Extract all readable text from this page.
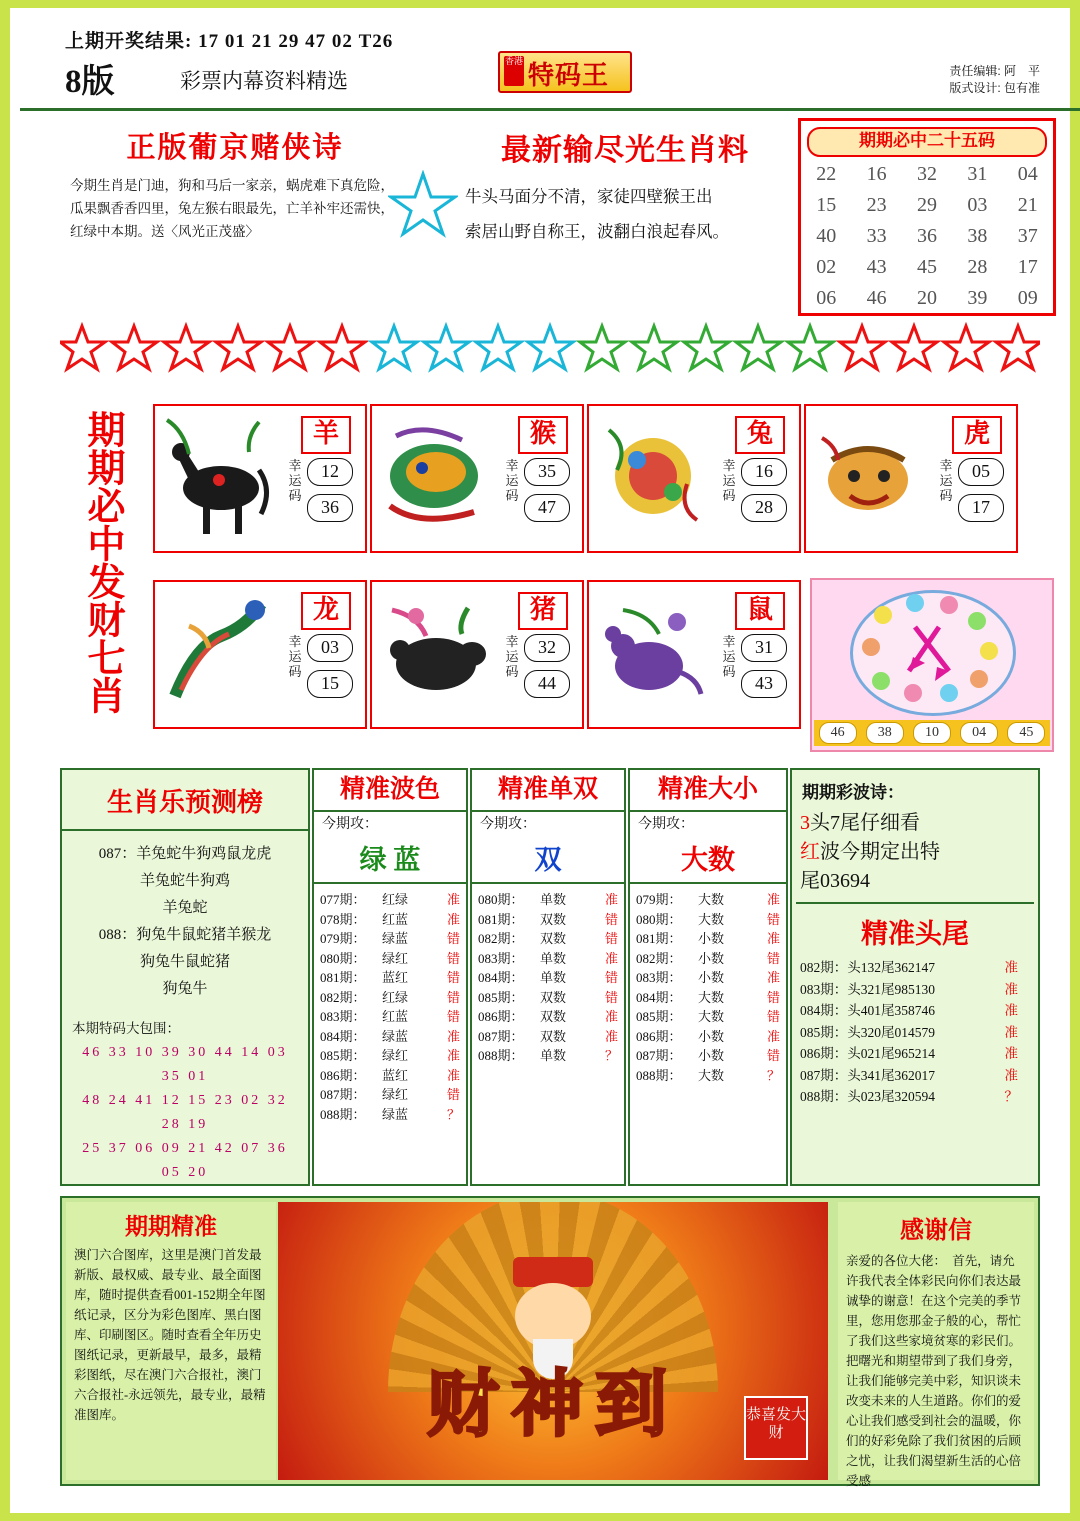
上期开奖结果: 17 01 21 29 47 02 T26
8版	彩票内幕资料精选
香港 特码王	责任编辑: 阿　平
版式设计: 包有准
正版葡京赌侠诗

今期生肖是门迪，狗和马后一家亲，蜗虎难下真危险，瓜果飘香香四里，兔左猴右眼最先，亡羊补牢还需快，红绿中本期。送〈风光正茂盛〉

最新输尽光生肖料

牛头马面分不清，家徒四壁猴王出

索居山野自称王，波翻白浪起春风。

期期必中二十五码
22	16	32	31	04
15	23	29	03	21
40	33	36	38	37
02	43	45	28	17
06	46	20	39	09
期期必中发财七肖	羊
幸运码
12
36
猴
幸运码
35
47
兔
幸运码
16
28
虎
幸运码
05
17
龙
幸运码
03
15
猪
幸运码
32
44
鼠
幸运码
31
43
46	38	10	04	45
生肖乐预测榜
087：羊兔蛇牛狗鸡鼠龙虎
羊兔蛇牛狗鸡
羊兔蛇
088：狗兔牛鼠蛇猪羊猴龙
狗兔牛鼠蛇猪
狗兔牛
本期特码大包围：
46 33 10 39 30 44 14 03 35 01
48 24 41 12 15 23 02 32 28 19
25 37 06 09 21 42 07 36 05 20
精准波色
今期攻：
绿 蓝
077期：	红绿	准
078期：	红蓝	准
079期：	绿蓝	错
080期：	绿红	错
081期：	蓝红	错
082期：	红绿	错
083期：	红蓝	错
084期：	绿蓝	准
085期：	绿红	准
086期：	蓝红	准
087期：	绿红	错
088期：	绿蓝	？
精准单双
今期攻：
双
080期：	单数	准
081期：	双数	错
082期：	双数	错
083期：	单数	准
084期：	单数	错
085期：	双数	错
086期：	双数	准
087期：	双数	准
088期：	单数	？
精准大小
今期攻：
大数
079期：	大数	准
080期：	大数	错
081期：	小数	准
082期：	小数	错
083期：	小数	准
084期：	大数	错
085期：	大数	错
086期：	小数	准
087期：	小数	错
088期：	大数	？
期期彩波诗：
3头7尾仔细看
红波今期定出特
尾03694
精准头尾
082期：头132尾362147	准
083期：头321尾985130	准
084期：头401尾358746	准
085期：头320尾014579	准
086期：头021尾965214	准
087期：头341尾362017	准
088期：头023尾320594	？
期期精准

澳门六合图库，这里是澳门首发最新版、最权威、最专业、最全面图库，随时提供查看001-152期全年图纸记录，区分为彩色图库、黑白图库、印刷图区。随时查看全年历史图纸记录，更新最早，最多，最精彩图纸，尽在澳门六合报社，澳门六合报社-永远领先，最专业，最精准图库。	财神到	恭喜发大财
感谢信

亲爱的各位大佬：　首先，请允许我代表全体彩民向你们表达最诚挚的谢意！在这个完美的季节里，您用您那金子般的心，帮忙了我们这些家境贫寒的彩民们。把曙光和期望带到了我们身旁，让我们能够完美中彩，知识谈未改变未来的人生道路。你们的爱心让我们感受到社会的温暖，你们的好彩免除了我们贫困的后顾之忧，让我们渴望新生活的心倍受感
